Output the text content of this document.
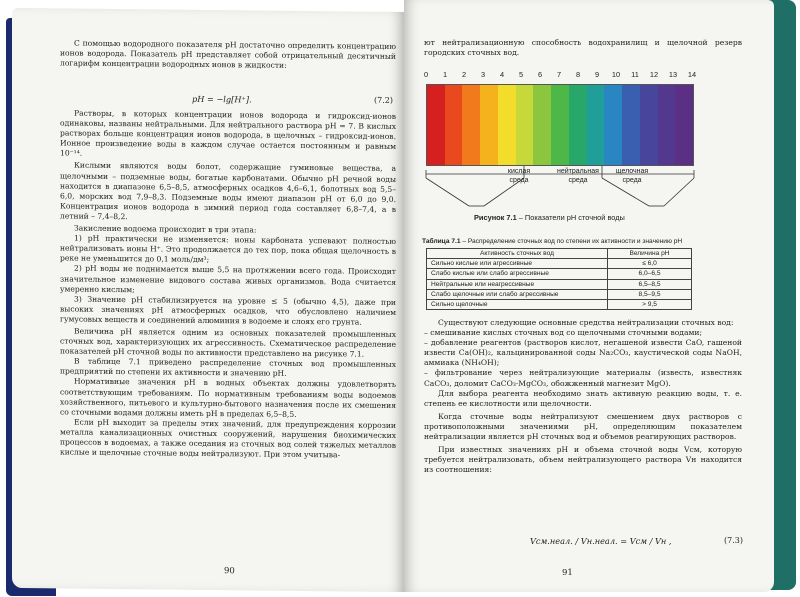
С помощью водородного показателя pH достаточно определить концентрацию ионов водорода. Показатель pH представляет собой отрицательный десятичный логарифм концентрации водородных ионов в жидкости:

pH = −lg[H⁺].	(7.2)

Растворы, в которых концентрации ионов водорода и гидроксид-ионов одинаковы, названы нейтральными. Для нейтрального раствора pH = 7. В кислых растворах больше концентрация ионов водорода, в щелочных – гидроксид-ионов. Ионное произведение воды в каждом случае остается постоянным и равным 10⁻¹⁴.

Кислыми являются воды болот, содержащие гуминовые вещества, а щелочными – подземные воды, богатые карбонатами. Обычно pH речной воды находится в диапазоне 6,5–8,5, атмосферных осадков 4,6–6,1, болотных вод 5,5–6,0, морских вод 7,9–8,3. Подземные воды имеют диапазон pH от 6,0 до 9,0. Концентрация ионов водорода в зимний период года составляет 6,8–7,4, а в летний – 7,4–8,2.

Закисление водоема происходит в три этапа:

1) pH практически не изменяется: ионы карбоната успевают полностью нейтрализовать ионы H⁺. Это продолжается до тех пор, пока общая щелочность в реке не уменьшится до 0,1 моль/дм³;

2) pH воды не поднимается выше 5,5 на протяжении всего года. Происходит значительное изменение видового состава живых организмов. Вода считается умеренно кислым;

3) Значение pH стабилизируется на уровне ≤ 5 (обычно 4,5), даже при высоких значениях pH атмосферных осадков, что обусловлено наличием гумусовых веществ и соединений алюминия в водоеме и слоях его грунта.

Величина pH является одним из основных показателей промышленных сточных вод, характеризующих их агрессивность. Схематическое распределение показателей pH сточной воды по активности представлено на рисунке 7.1.

В таблице 7.1 приведено распределение сточных вод промышленных предприятий по степени их активности и значению pH.

Нормативные значения pH в водных объектах должны удовлетворять соответствующим требованиям. По нормативным требованиям воды водоемов хозяйственного, питьевого и культурно-бытового назначения после их смешения со сточными водами должны иметь pH в пределах 6,5–8,5.

Если pH выходит за пределы этих значений, для предупреждения коррозии металла канализационных очистных сооружений, нарушения биохимических процессов в водоемах, а также оседания из сточных вод солей тяжелых металлов кислые и щелочные сточные воды нейтрализуют. При этом учитыва-

90

ют нейтрализационную способность водохранилищ и щелочной резерв городских сточных вод.

0 1 2 3 4 5 6 7 8 9 10 11 12 13 14
кислая среда
нейтральная среда
щелочная среда
Рисунок 7.1 – Показатели pH сточной воды
Таблица 7.1 – Распределение сточных вод по степени их активности и значению pH
Активность сточных вод	Величина pH
Сильно кислые или агрессивные	≤ 6,0
Слабо кислые или слабо агрессивные	6,0–6,5
Нейтральные или неагрессивные	6,5–8,5
Слабо щелочные или слабо агрессивные	8,5–9,5
Сильно щелочные	> 9,5

Существуют следующие основные средства нейтрализации сточных вод:

– смешивание кислых сточных вод со щелочными сточными водами;

– добавление реагентов (растворов кислот, негашеной извести CaO, гашеной извести Ca(OH)₂, кальцинированной соды Na₂CO₃, каустической соды NaOH, аммиака (NH₄OH);

– фильтрование через нейтрализующие материалы (известь, известняк CaCO₃, доломит CaCO₃·MgCO₃, обожженный магнезит MgO).

Для выбора реагента необходимо знать активную реакцию воды, т. е. степень ее кислотности или щелочности.

Когда сточные воды нейтрализуют смешением двух растворов с противоположными значениями pH, определяющим показателем нейтрализации является pH сточных вод и объемов реагирующих растворов.

При известных значениях pH и объема сточной воды Vсм, которую требуется нейтрализовать, объем нейтрализующего раствора Vн находится из соотношения:

Vсм.неал. / Vн.неал. = Vсм / Vн ,	(7.3)
91
